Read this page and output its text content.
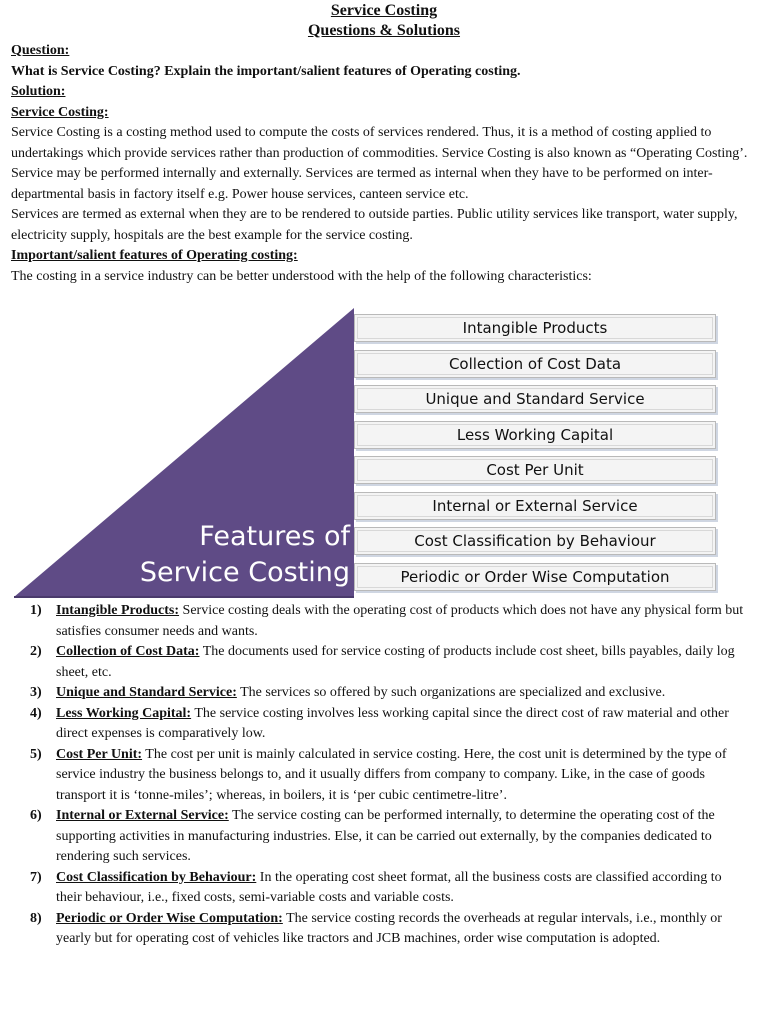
Service Costing
Questions & Solutions
Question:
What is Service Costing? Explain the important/salient features of Operating costing.
Solution:
Service Costing:
Service Costing is a costing method used to compute the costs of services rendered. Thus, it is a method of costing applied to undertakings which provide services rather than production of commodities. Service Costing is also known as “Operating Costing’.
Service may be performed internally and externally. Services are termed as internal when they have to be performed on inter-departmental basis in factory itself e.g. Power house services, canteen service etc.
Services are termed as external when they are to be rendered to outside parties. Public utility services like transport, water supply, electricity supply, hospitals are the best example for the service costing.
Important/salient features of Operating costing:
The costing in a service industry can be better understood with the help of the following characteristics:
Features of
Service Costing
Intangible Products
Collection of Cost Data
Unique and Standard Service
Less Working Capital
Cost Per Unit
Internal or External Service
Cost Classification by Behaviour
Periodic or Order Wise Computation
1)	Intangible Products: Service costing deals with the operating cost of products which does not have any physical form but satisfies consumer needs and wants.
2)	Collection of Cost Data: The documents used for service costing of products include cost sheet, bills payables, daily log sheet, etc.
3)	Unique and Standard Service: The services so offered by such organizations are specialized and exclusive.
4)	Less Working Capital: The service costing involves less working capital since the direct cost of raw material and other direct expenses is comparatively low.
5)	Cost Per Unit: The cost per unit is mainly calculated in service costing. Here, the cost unit is determined by the type of service industry the business belongs to, and it usually differs from company to company. Like, in the case of goods transport it is ‘tonne-miles’; whereas, in boilers, it is ‘per cubic centimetre-litre’.
6)	Internal or External Service: The service costing can be performed internally, to determine the operating cost of the supporting activities in manufacturing industries. Else, it can be carried out externally, by the companies dedicated to rendering such services.
7)	Cost Classification by Behaviour: In the operating cost sheet format, all the business costs are classified according to their behaviour, i.e., fixed costs, semi-variable costs and variable costs.
8)	Periodic or Order Wise Computation: The service costing records the overheads at regular intervals, i.e., monthly or yearly but for operating cost of vehicles like tractors and JCB machines, order wise computation is adopted.
